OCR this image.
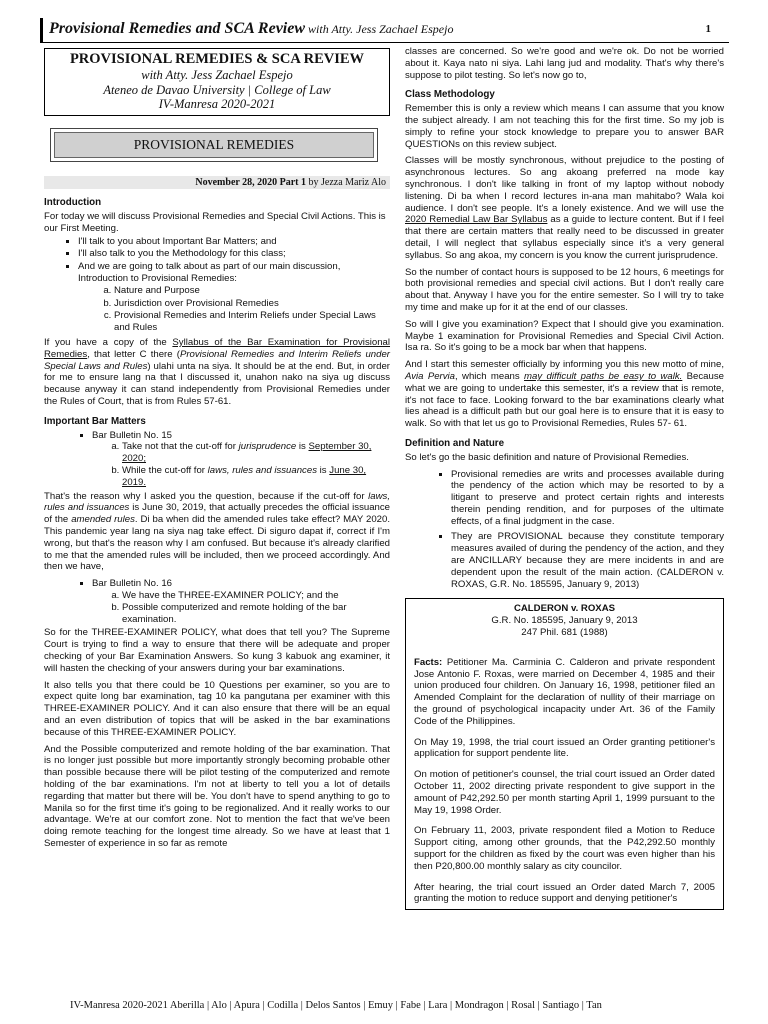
Provisional Remedies and SCA Review with Atty. Jess Zachael Espejo	1
PROVISIONAL REMEDIES & SCA REVIEW
with Atty. Jess Zachael Espejo
Ateneo de Davao University | College of Law
IV-Manresa 2020-2021
PROVISIONAL REMEDIES
November 28, 2020 Part 1 by Jezza Mariz Alo
Introduction

For today we will discuss Provisional Remedies and Special Civil Actions. This is our First Meeting.

▪ I'll talk to you about Important Bar Matters; and
▪ I'll also talk to you the Methodology for this class;
▪ And we are going to talk about as part of our main discussion, Introduction to Provisional Remedies:
a. Nature and Purpose
b. Jurisdiction over Provisional Remedies
c. Provisional Remedies and Interim Reliefs under Special Laws and Rules

If you have a copy of the Syllabus of the Bar Examination for Provisional Remedies, that letter C there (Provisional Remedies and Interim Reliefs under Special Laws and Rules) ulahi unta na siya. It should be at the end. But, in order for me to ensure lang na that I discussed it, unahon nako na siya ug discuss because anyway it can stand independently from Provisional Remedies under the Rules of Court, that is from Rules 57-61.

Important Bar Matters
▪ Bar Bulletin No. 15
a. Take not that the cut-off for jurisprudence is September 30, 2020;
b. While the cut-off for laws, rules and issuances is June 30, 2019.

That's the reason why I asked you the question, because if the cut-off for laws, rules and issuances is June 30, 2019, that actually precedes the official issuance of the amended rules. Di ba when did the amended rules take effect? MAY 2020. This pandemic year lang na siya nag take effect. Di siguro dapat if, correct if I'm wrong, but that's the reason why I am confused. But because it's already clarified to me that the amended rules will be included, then we proceed accordingly. And then we have,

▪ Bar Bulletin No. 16
a. We have the THREE-EXAMINER POLICY; and the
b. Possible computerized and remote holding of the bar examination.

So for the THREE-EXAMINER POLICY, what does that tell you? The Supreme Court is trying to find a way to ensure that there will be adequate and proper checking of your Bar Examination Answers. So kung 3 kabuok ang examiner, it will hasten the checking of your answers during your bar examinations.

It also tells you that there could be 10 Questions per examiner, so you are to expect quite long bar examination, tag 10 ka pangutana per examiner with this THREE-EXAMINER POLICY. And it can also ensure that there will be an equal and an even distribution of topics that will be asked in the bar examinations because of this THREE-EXAMINER POLICY.

And the Possible computerized and remote holding of the bar examination. That is no longer just possible but more importantly strongly becoming probable other than possible because there will be pilot testing of the computerized and remote holding of the bar examinations. I'm not at liberty to tell you a lot of details regarding that matter but there will be. You don't have to spend anything to go to Manila so for the first time it's going to be regionalized. And it really works to our advantage. We're at our comfort zone. Not to mention the fact that we've been doing remote teaching for the longest time already. So we have at least that 1 Semester of experience in so far as remote

classes are concerned. So we're good and we're ok. Do not be worried about it. Kaya nato ni siya. Lahi lang jud and modality. That's why there's suppose to pilot testing. So let's now go to,

Class Methodology

Remember this is only a review which means I can assume that you know the subject already. I am not teaching this for the first time. So my job is simply to refine your stock knowledge to prepare you to answer BAR QUESTIONs on this review subject.

Classes will be mostly synchronous, without prejudice to the posting of asynchronous lectures. So ang akoang preferred na mode kay synchronous. I don't like talking in front of my laptop without nobody listening. Di ba when I record lectures in-ana man mahitabo? Wala koi audience. I don't see people. It's a lonely existence. And we will use the 2020 Remedial Law Bar Syllabus as a guide to lecture content. But if I feel that there are certain matters that really need to be discussed in greater detail, I will neglect that syllabus especially since it's a very general syllabus. So ang akoa, my concern is you know the current jurisprudence.

So the number of contact hours is supposed to be 12 hours, 6 meetings for both provisional remedies and special civil actions. But I don't really care about that. Anyway I have you for the entire semester. So I will try to take my time and make up for it at the end of our classes.

So will I give you examination? Expect that I should give you examination. Maybe 1 examination for Provisional Remedies and Special Civil Action. Isa ra. So it's going to be a mock bar when that happens.

And I start this semester officially by informing you this new motto of mine, Avia Pervia, which means may difficult paths be easy to walk. Because what we are going to undertake this semester, it's a review that is remote, it's not face to face. Looking forward to the bar examinations clearly what lies ahead is a difficult path but our goal here is to ensure that it is easy to walk. So with that let us go to Provisional Remedies, Rules 57- 61.

Definition and Nature

So let's go the basic definition and nature of Provisional Remedies.

▪ Provisional remedies are writs and processes available during the pendency of the action which may be resorted to by a litigant to preserve and protect certain rights and interests therein pending rendition, and for purposes of the ultimate effects, of a final judgment in the case.
▪ They are PROVISIONAL because they constitute temporary measures availed of during the pendency of the action, and they are ANCILLARY because they are mere incidents in and are dependent upon the result of the main action. (CALDERON v. ROXAS, G.R. No. 185595, January 9, 2013)
CALDERON v. ROXAS
G.R. No. 185595, January 9, 2013
247 Phil. 681 (1988)

Facts: Petitioner Ma. Carminia C. Calderon and private respondent Jose Antonio F. Roxas, were married on December 4, 1985 and their union produced four children. On January 16, 1998, petitioner filed an Amended Complaint for the declaration of nullity of their marriage on the ground of psychological incapacity under Art. 36 of the Family Code of the Philippines.

On May 19, 1998, the trial court issued an Order granting petitioner's application for support pendente lite.

On motion of petitioner's counsel, the trial court issued an Order dated October 11, 2002 directing private respondent to give support in the amount of P42,292.50 per month starting April 1, 1999 pursuant to the May 19, 1998 Order.

On February 11, 2003, private respondent filed a Motion to Reduce Support citing, among other grounds, that the P42,292.50 monthly support for the children as fixed by the court was even higher than his then P20,800.00 monthly salary as city councilor.

After hearing, the trial court issued an Order dated March 7, 2005 granting the motion to reduce support and denying petitioner's

IV-Manresa 2020-2021 Aberilla | Alo | Apura | Codilla | Delos Santos | Emuy | Fabe | Lara | Mondragon | Rosal | Santiago | Tan
